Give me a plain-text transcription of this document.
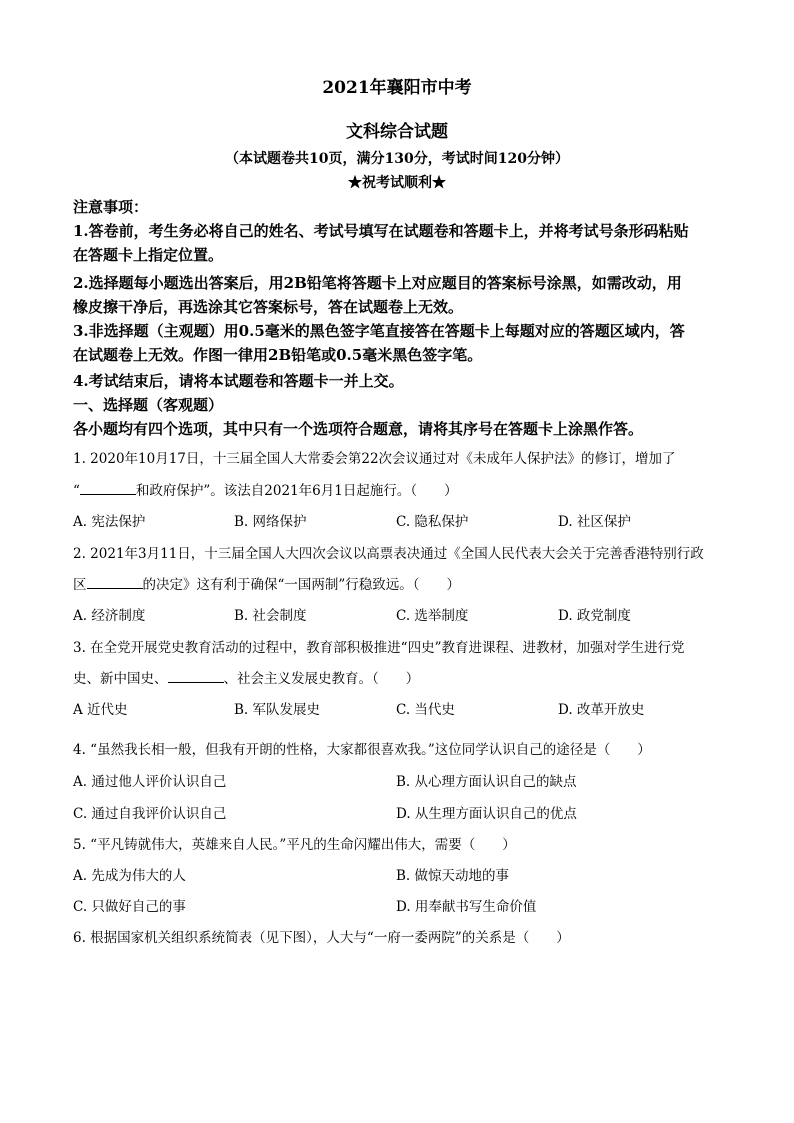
2021年襄阳市中考
文科综合试题
（本试题卷共10页，满分130分，考试时间120分钟）
★祝考试顺利★
注意事项：
1.答卷前，考生务必将自己的姓名、考试号填写在试题卷和答题卡上，并将考试号条形码粘贴
在答题卡上指定位置。
2.选择题每小题选出答案后，用2B铅笔将答题卡上对应题目的答案标号涂黑，如需改动，用
橡皮擦干净后，再选涂其它答案标号，答在试题卷上无效。
3.非选择题（主观题）用0.5毫米的黑色签字笔直接答在答题卡上每题对应的答题区域内，答
在试题卷上无效。作图一律用2B铅笔或0.5毫米黑色签字笔。
4.考试结束后，请将本试题卷和答题卡一并上交。
一、选择题（客观题）
各小题均有四个选项，其中只有一个选项符合题意，请将其序号在答题卡上涂黑作答。
1. 2020年10月17日，十三届全国人大常委会第22次会议通过对《未成年人保护法》的修订，增加了
“	和政府保护”。该法自2021年6月1日起施行。（　　）
A. 宪法保护	B. 网络保护	C. 隐私保护	D. 社区保护
2. 2021年3月11日，十三届全国人大四次会议以高票表决通过《全国人民代表大会关于完善香港特别行政
区	的决定》这有利于确保“一国两制”行稳致远。（　　）
A. 经济制度	B. 社会制度	C. 选举制度	D. 政党制度
3. 在全党开展党史教育活动的过程中，教育部积极推进“四史”教育进课程、进教材，加强对学生进行党
史、新中国史、	、社会主义发展史教育。（　　）
A 近代史	B. 军队发展史	C. 当代史	D. 改革开放史
4. “虽然我长相一般，但我有开朗的性格，大家都很喜欢我。”这位同学认识自己的途径是（　　）
A. 通过他人评价认识自己	B. 从心理方面认识自己的缺点
C. 通过自我评价认识自己	D. 从生理方面认识自己的优点
5. “平凡铸就伟大，英雄来自人民。”平凡的生命闪耀出伟大，需要（　　）
A. 先成为伟大的人	B. 做惊天动地的事
C. 只做好自己的事	D. 用奉献书写生命价值
6. 根据国家机关组织系统简表（见下图），人大与“一府一委两院”的关系是（　　）
